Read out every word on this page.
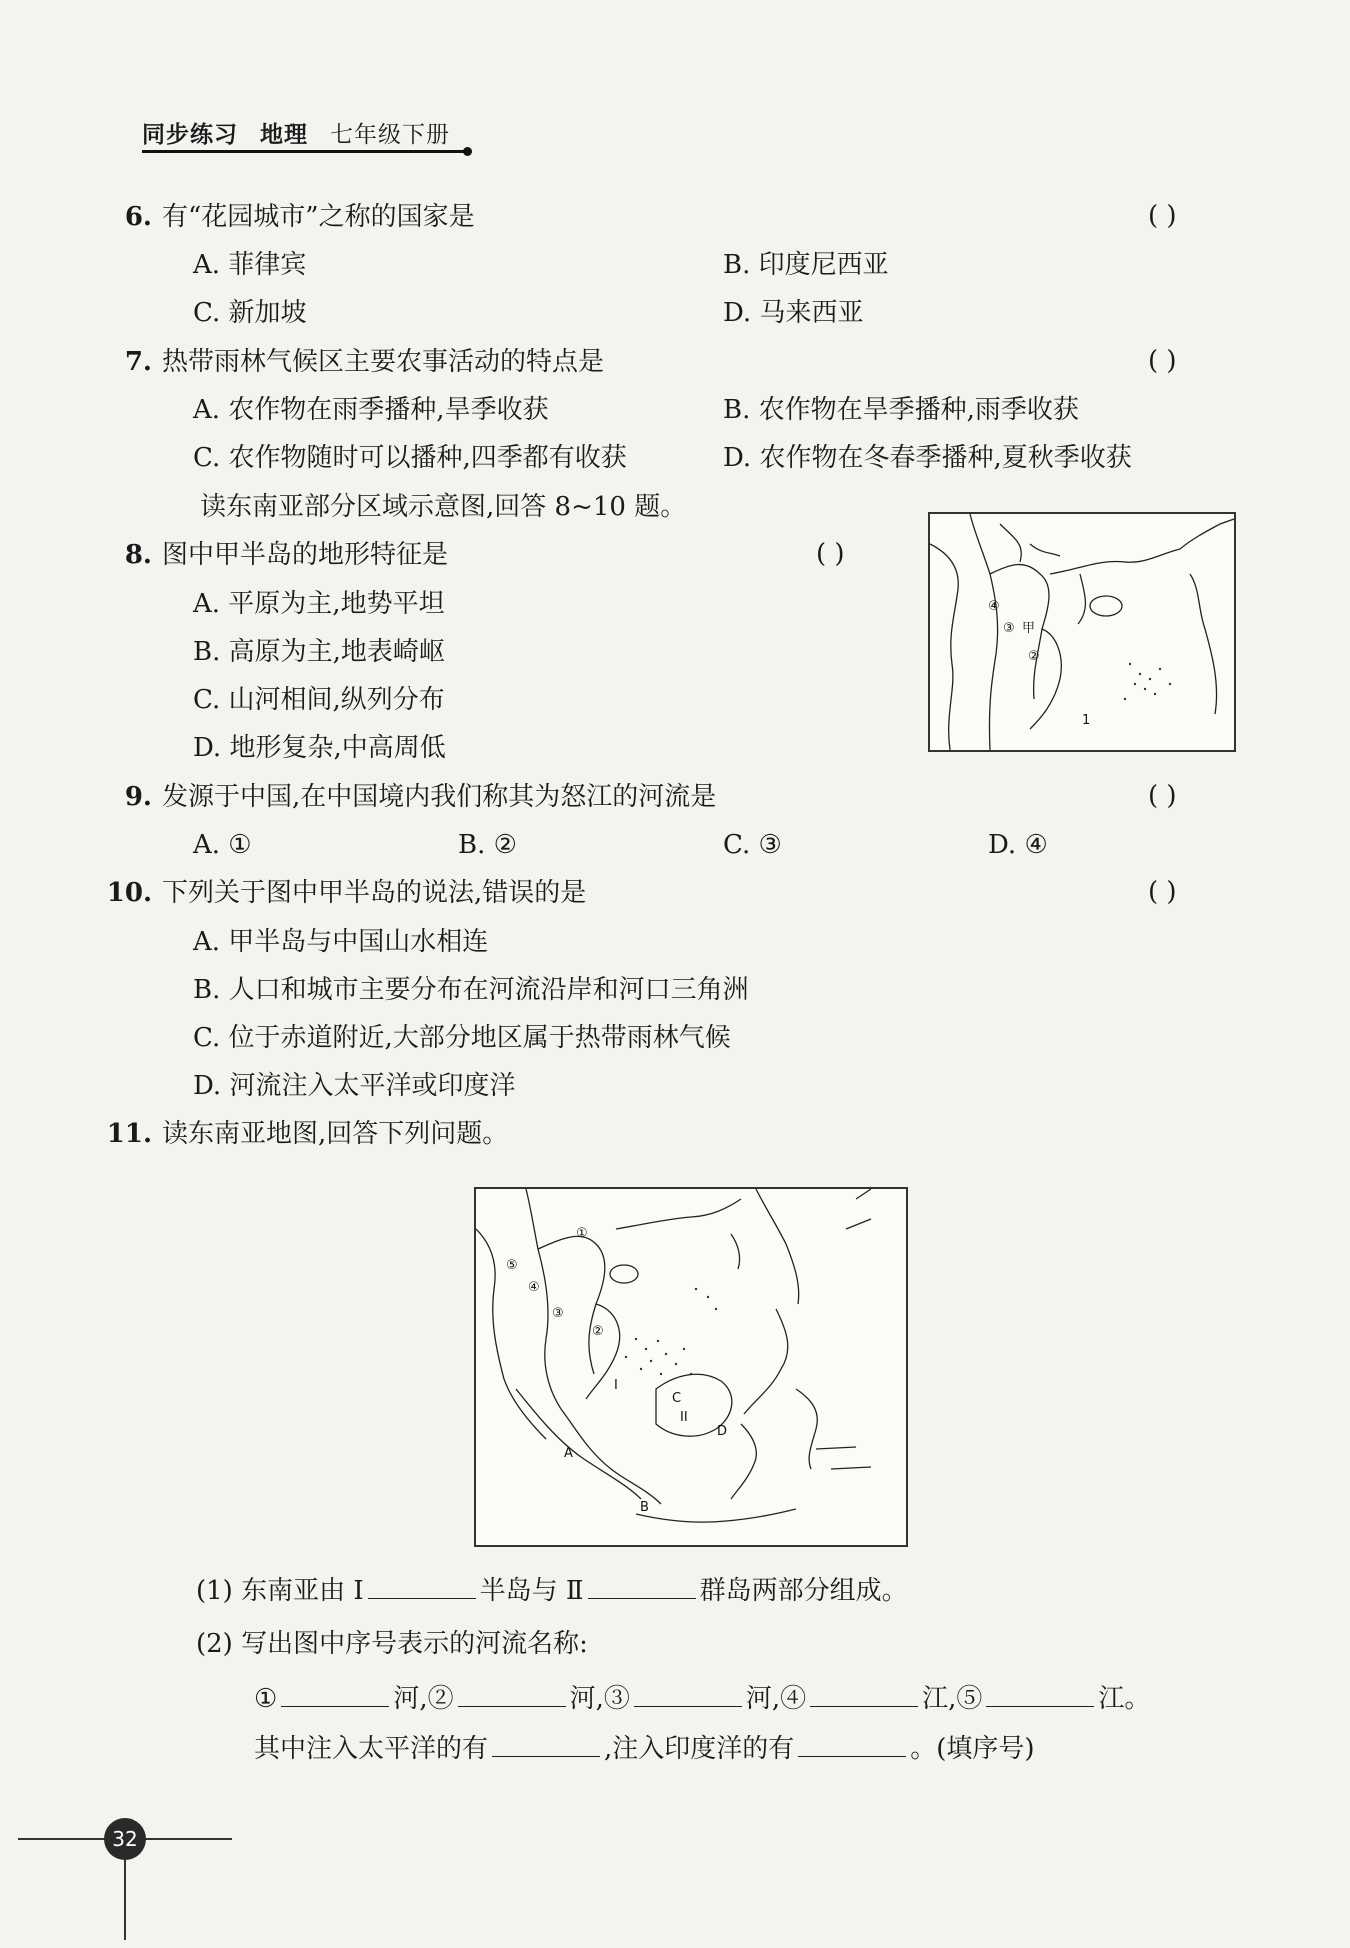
同步练习 地理 七年级下册
6. 有“花园城市”之称的国家是	( )
A. 菲律宾	B. 印度尼西亚
C. 新加坡	D. 马来西亚
7. 热带雨林气候区主要农事活动的特点是	( )
A. 农作物在雨季播种,旱季收获	B. 农作物在旱季播种,雨季收获
C. 农作物随时可以播种,四季都有收获	D. 农作物在冬春季播种,夏秋季收获
读东南亚部分区域示意图,回答 8~10 题。
8. 图中甲半岛的地形特征是	( )
A. 平原为主,地势平坦
B. 高原为主,地表崎岖
C. 山河相间,纵列分布
D. 地形复杂,中高周低
④
③ 甲
②
1
9. 发源于中国,在中国境内我们称其为怒江的河流是	( )
A. ①	B. ②	C. ③	D. ④
10. 下列关于图中甲半岛的说法,错误的是	( )
A. 甲半岛与中国山水相连
B. 人口和城市主要分布在河流沿岸和河口三角洲
C. 位于赤道附近,大部分地区属于热带雨林气候
D. 河流注入太平洋或印度洋
11. 读东南亚地图,回答下列问题。
①
②
③
④
⑤
I
II
A
B
C
D
(1) 东南亚由 Ⅰ	半岛与 Ⅱ	群岛两部分组成。
(2) 写出图中序号表示的河流名称:
①	河,②	河,③	河,④	江,⑤	江。
其中注入太平洋的有	,注入印度洋的有	。(填序号)
32
